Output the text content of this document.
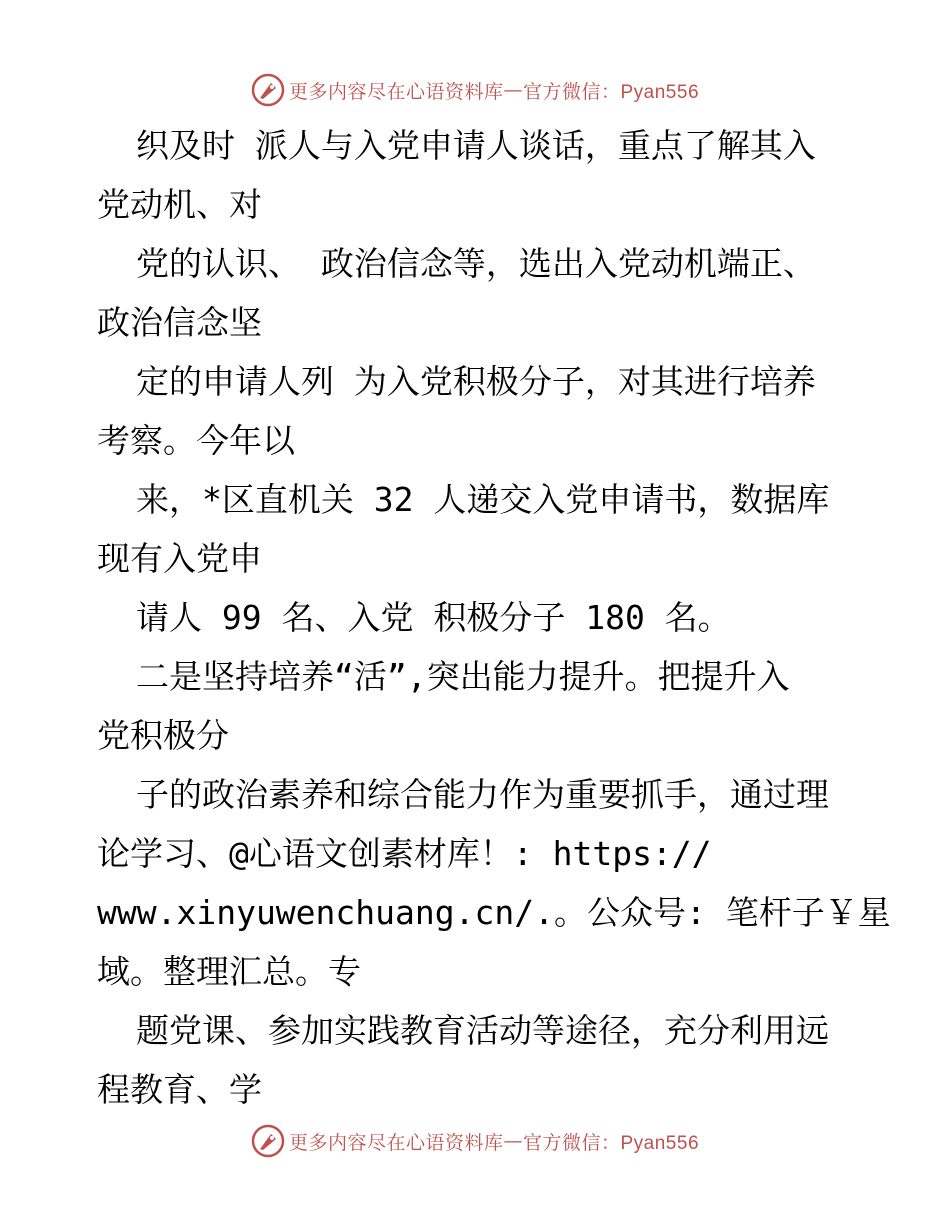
更多内容尽在心语资料库 — 官方微信：Pyan556

织及时 派人与入党申请人谈话，重点了解其入

党动机、对

党的认识、 政治信念等，选出入党动机端正、

政治信念坚

定的申请人列 为入党积极分子，对其进行培养

考察。今年以

来，*区直机关 32 人递交入党申请书，数据库

现有入党申

请人 99 名、入党 积极分子 180 名。

二是坚持培养“活”,突出能力提升。把提升入

党积极分

子的政治素养和综合能力作为重要抓手，通过理

论学习、@心语文创素材库！: https://

www.xinyuwenchuang.cn/.。公众号: 笔杆子￥星

域。整理汇总。专

题党课、参加实践教育活动等途径，充分利用远

程教育、学

更多内容尽在心语资料库 — 官方微信：Pyan556
